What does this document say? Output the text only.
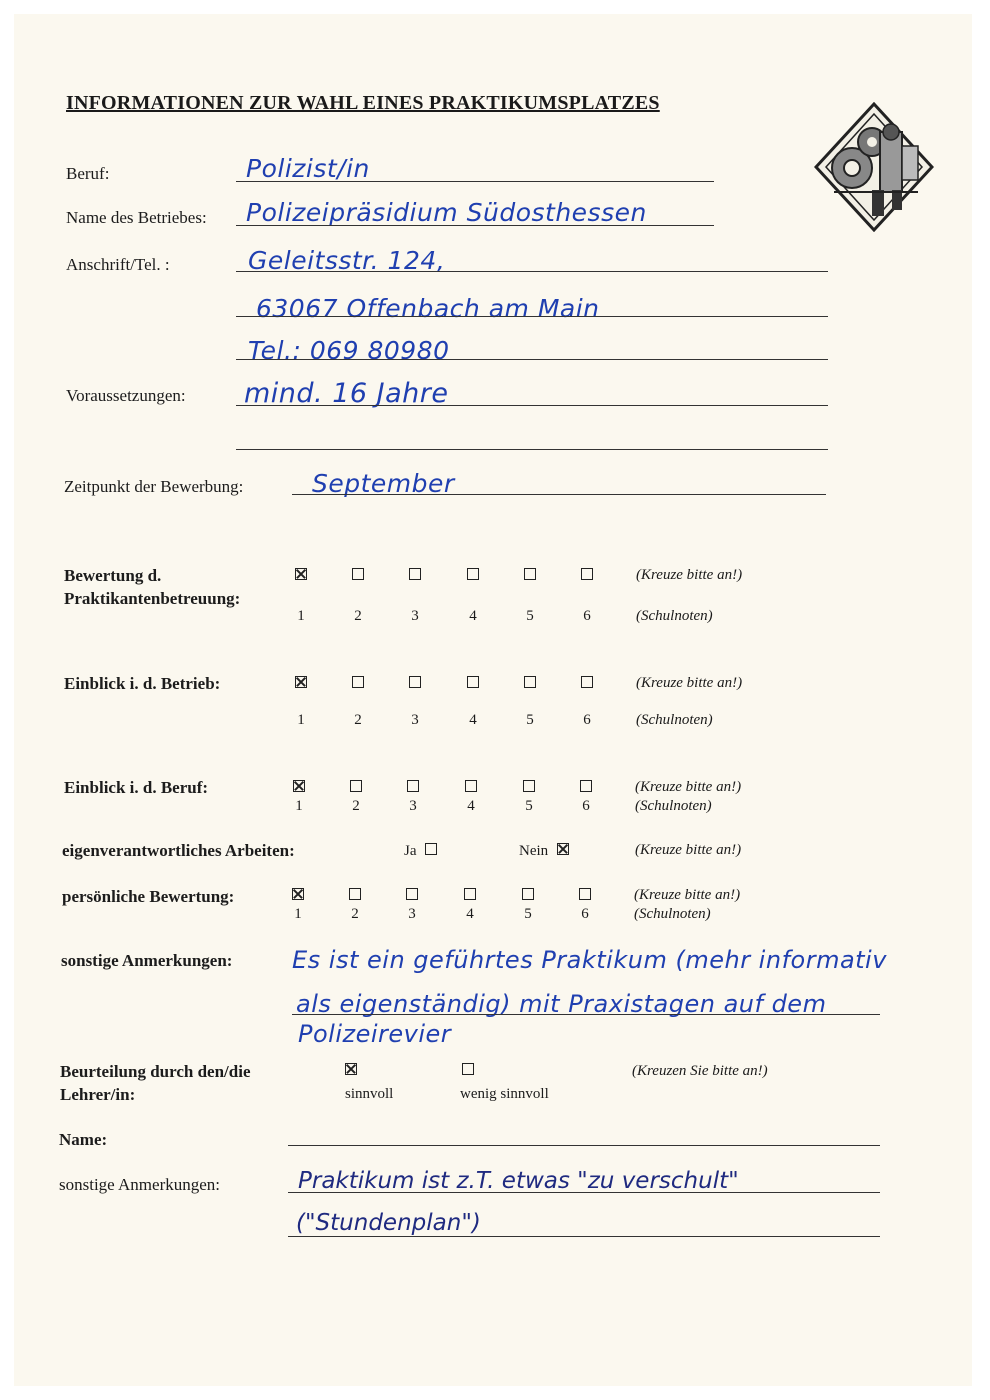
INFORMATIONEN ZUR WAHL EINES PRAKTIKUMSPLATZES
Beruf:	Polizist/in
Name des Betriebes: Polizeipräsidium Südosthessen
Anschrift/Tel. :	Geleitsstr. 124,
63067 Offenbach am Main
Tel.: 069 80980
Voraussetzungen: mind. 16 Jahre
Zeitpunkt der Bewerbung:	September
Bewertung d.
Praktikantenbetreuung:
(Kreuze bitte an!)
1	2	3	4	5	6	(Schulnoten)
Einblick i. d. Betrieb:	(Kreuze bitte an!)
1	2	3	4	5	6	(Schulnoten)
Einblick i. d. Beruf:	(Kreuze bitte an!)
1	2	3	4	5	6	(Schulnoten)
eigenverantwortliches Arbeiten:	Ja	Nein	(Kreuze bitte an!)
persönliche Bewertung:	(Kreuze bitte an!)
1	2	3	4	5	6	(Schulnoten)
sonstige Anmerkungen: Es ist ein geführtes Praktikum (mehr informativ
als eigenständig) mit Praxistagen auf dem
Polizeirevier
Beurteilung durch den/die
Lehrer/in:	sinnvoll	wenig sinnvoll
(Kreuzen Sie bitte an!)
Name:
sonstige Anmerkungen:	Praktikum ist z.T. etwas "zu verschult"
("Stundenplan")
